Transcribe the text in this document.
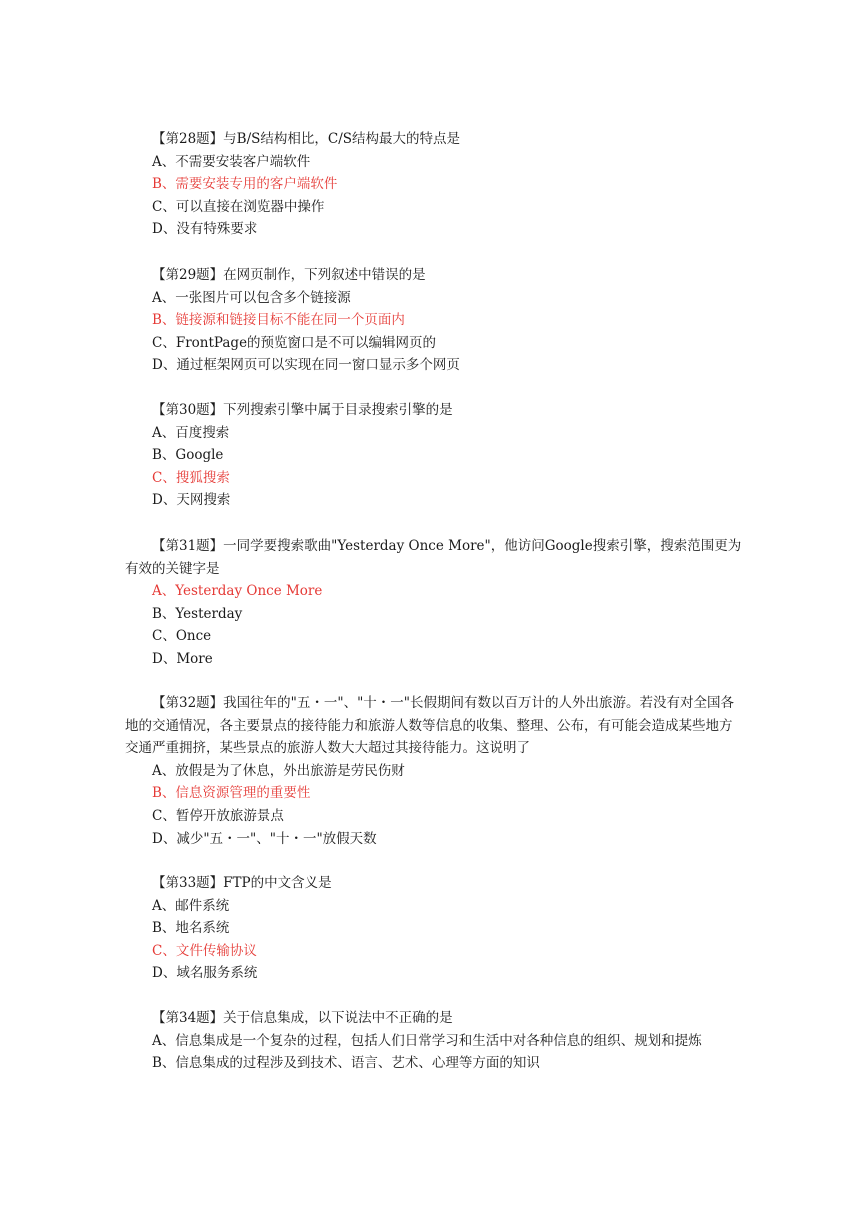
【第28题】与B/S结构相比，C/S结构最大的特点是

A、不需要安装客户端软件

B、需要安装专用的客户端软件

C、可以直接在浏览器中操作

D、没有特殊要求

【第29题】在网页制作，下列叙述中错误的是

A、一张图片可以包含多个链接源

B、链接源和链接目标不能在同一个页面内

C、FrontPage的预览窗口是不可以编辑网页的

D、通过框架网页可以实现在同一窗口显示多个网页

【第30题】下列搜索引擎中属于目录搜索引擎的是

A、百度搜索

B、Google

C、搜狐搜索

D、天网搜索

【第31题】一同学要搜索歌曲"Yesterday Once More"，他访问Google搜索引擎，搜索范围更为有效的关键字是

A、Yesterday Once More

B、Yesterday

C、Once

D、More

【第32题】我国往年的"五・一"、"十・一"长假期间有数以百万计的人外出旅游。若没有对全国各地的交通情况，各主要景点的接待能力和旅游人数等信息的收集、整理、公布，有可能会造成某些地方交通严重拥挤，某些景点的旅游人数大大超过其接待能力。这说明了

A、放假是为了休息，外出旅游是劳民伤财

B、信息资源管理的重要性

C、暂停开放旅游景点

D、减少"五・一"、"十・一"放假天数

【第33题】FTP的中文含义是

A、邮件系统

B、地名系统

C、文件传输协议

D、域名服务系统

【第34题】关于信息集成，以下说法中不正确的是

A、信息集成是一个复杂的过程，包括人们日常学习和生活中对各种信息的组织、规划和提炼

B、信息集成的过程涉及到技术、语言、艺术、心理等方面的知识
